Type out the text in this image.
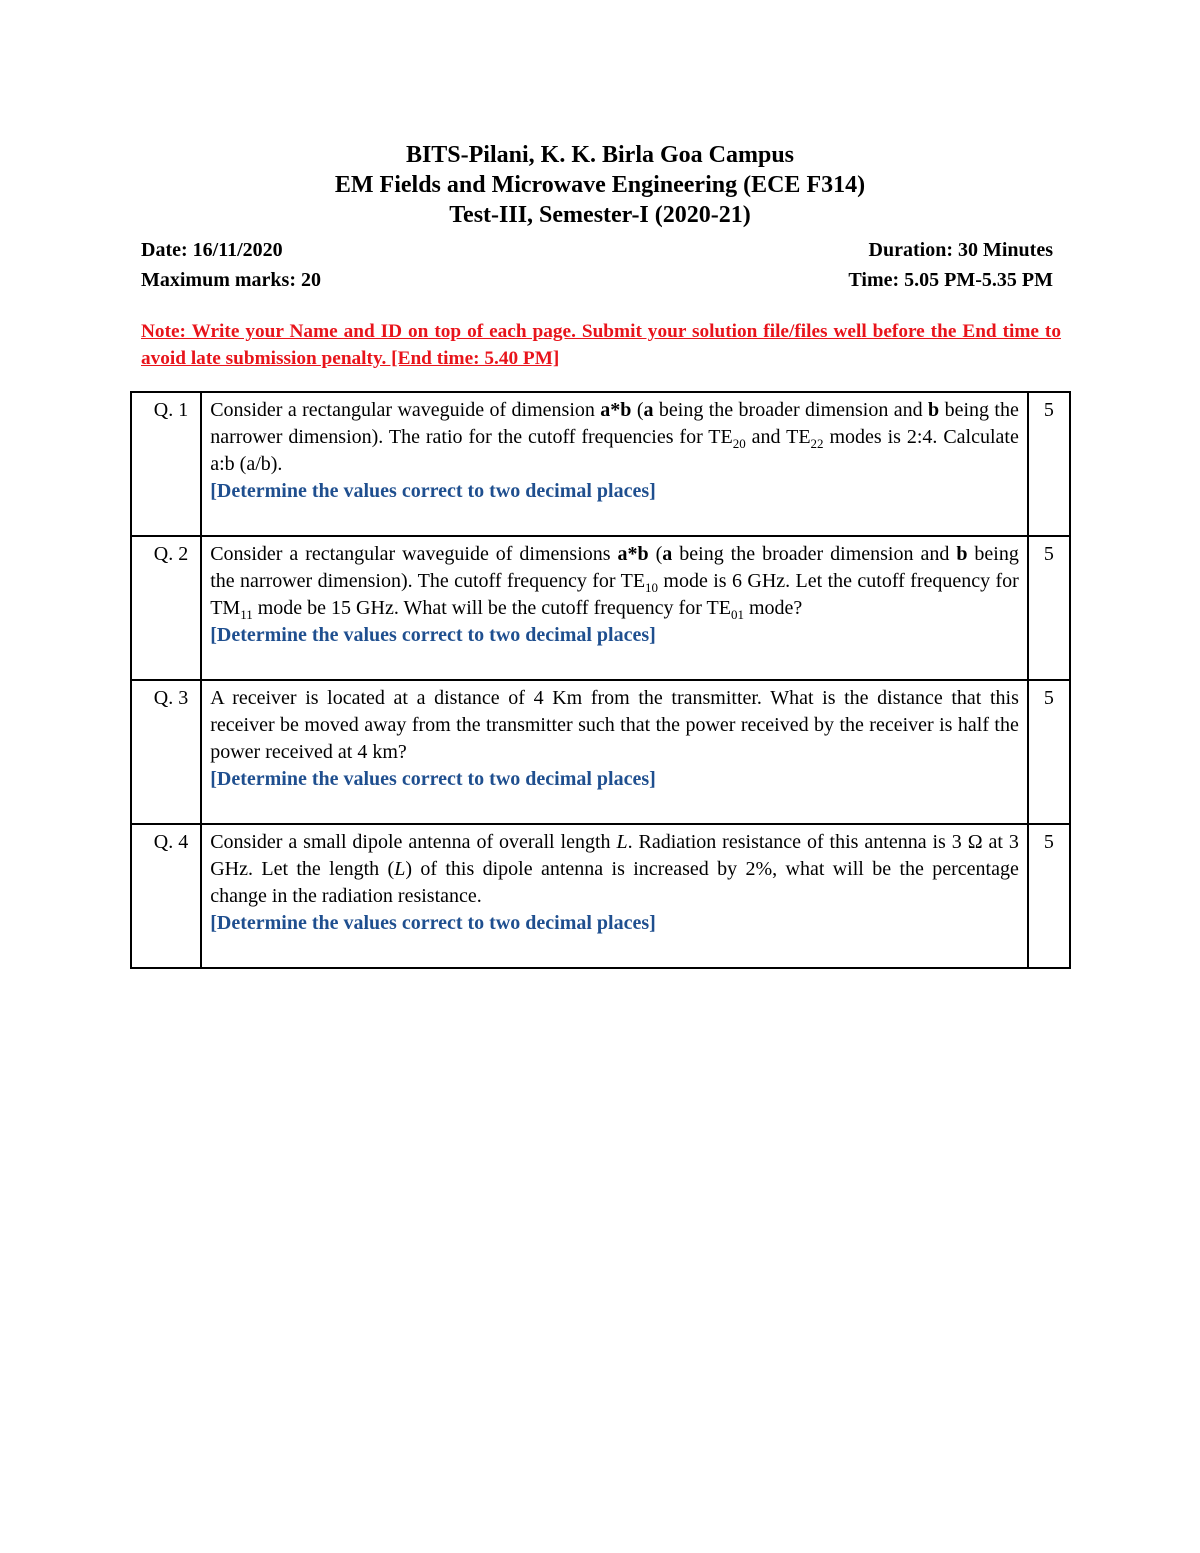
BITS-Pilani, K. K. Birla Goa Campus
EM Fields and Microwave Engineering (ECE F314)
Test-III, Semester-I (2020-21)
Date: 16/11/2020	Duration: 30 Minutes
Maximum marks: 20	Time: 5.05 PM-5.35 PM
Note: Write your Name and ID on top of each page. Submit your solution file/files well before the End time to avoid late submission penalty. [End time: 5.40 PM]
Q. 1	Consider a rectangular waveguide of dimension a*b (a being the broader dimension and b being the narrower dimension). The ratio for the cutoff frequencies for $TE_{20}$ and $TE_{22}$ modes is 2:4. Calculate a:b (a/b).
[Determine the values correct to two decimal places]	5
Q. 2	Consider a rectangular waveguide of dimensions a*b (a being the broader dimension and b being the narrower dimension). The cutoff frequency for $TE_{10}$ mode is 6 GHz. Let the cutoff frequency for $TM_{11}$ mode be 15 GHz. What will be the cutoff frequency for $TE_{01}$ mode?
[Determine the values correct to two decimal places]	5
Q. 3	A receiver is located at a distance of 4 Km from the transmitter. What is the distance that this receiver be moved away from the transmitter such that the power received by the receiver is half the power received at 4 km?
[Determine the values correct to two decimal places]	5
Q. 4	Consider a small dipole antenna of overall length L. Radiation resistance of this antenna is 3 Ω at 3 GHz. Let the length (L) of this dipole antenna is increased by 2%, what will be the percentage change in the radiation resistance.
[Determine the values correct to two decimal places]	5
